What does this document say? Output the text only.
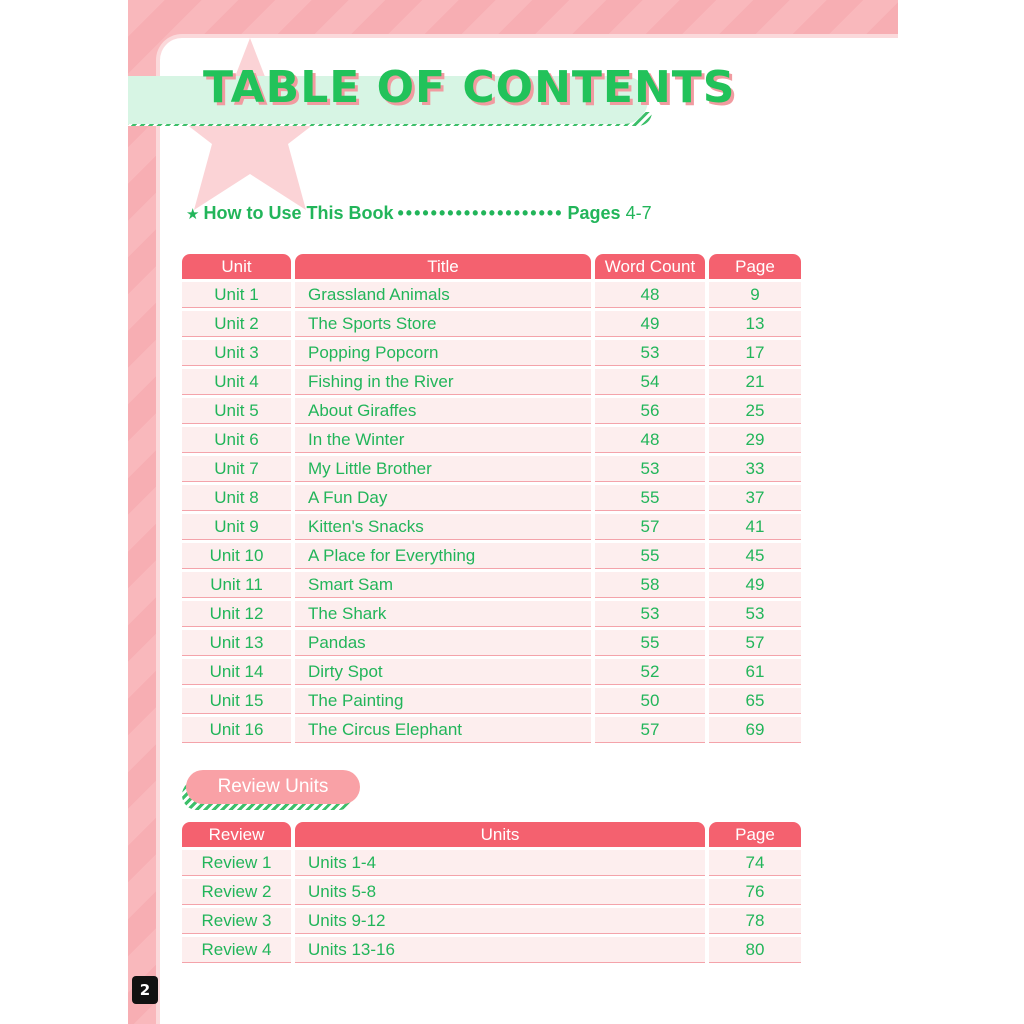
TABLE OF CONTENTS
★ How to Use This Book •••••••••••••••••••• Pages 4-7
Unit	Title	Word Count	Page
Unit 1	Grassland Animals	48	9
Unit 2	The Sports Store	49	13
Unit 3	Popping Popcorn	53	17
Unit 4	Fishing in the River	54	21
Unit 5	About Giraffes	56	25
Unit 6	In the Winter	48	29
Unit 7	My Little Brother	53	33
Unit 8	A Fun Day	55	37
Unit 9	Kitten's Snacks	57	41
Unit 10	A Place for Everything	55	45
Unit 11	Smart Sam	58	49
Unit 12	The Shark	53	53
Unit 13	Pandas	55	57
Unit 14	Dirty Spot	52	61
Unit 15	The Painting	50	65
Unit 16	The Circus Elephant	57	69
Review Units
Review	Units	Page
Review 1	Units 1-4	74
Review 2	Units 5-8	76
Review 3	Units 9-12	78
Review 4	Units 13-16	80
2
